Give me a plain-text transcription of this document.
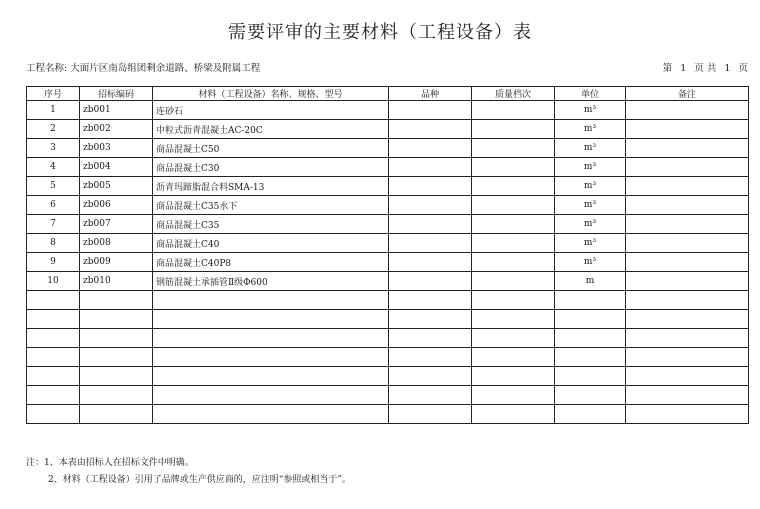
需要评审的主要材料（工程设备）表
工程名称: 大面片区南岛组团剩余道路、桥梁及附属工程	第 1 页 共 1 页
序号	招标编码	材料（工程设备）名称、规格、型号	品种	质量档次	单位	备注
1	zb001	连砂石			m³	
2	zb002	中粒式沥青混凝土AC-20C			m³	
3	zb003	商品混凝土C50			m³	
4	zb004	商品混凝土C30			m³	
5	zb005	沥青玛蹄脂混合料SMA-13			m³	
6	zb006	商品混凝土C35水下			m³	
7	zb007	商品混凝土C35			m³	
8	zb008	商品混凝土C40			m³	
9	zb009	商品混凝土C40P8			m³	
10	zb010	钢筋混凝土承插管Ⅱ级Φ600			m	

注：1、本表由招标人在招标文件中明确。
2、材料（工程设备）引用了品牌或生产供应商的，应注明“参照或相当于”。
